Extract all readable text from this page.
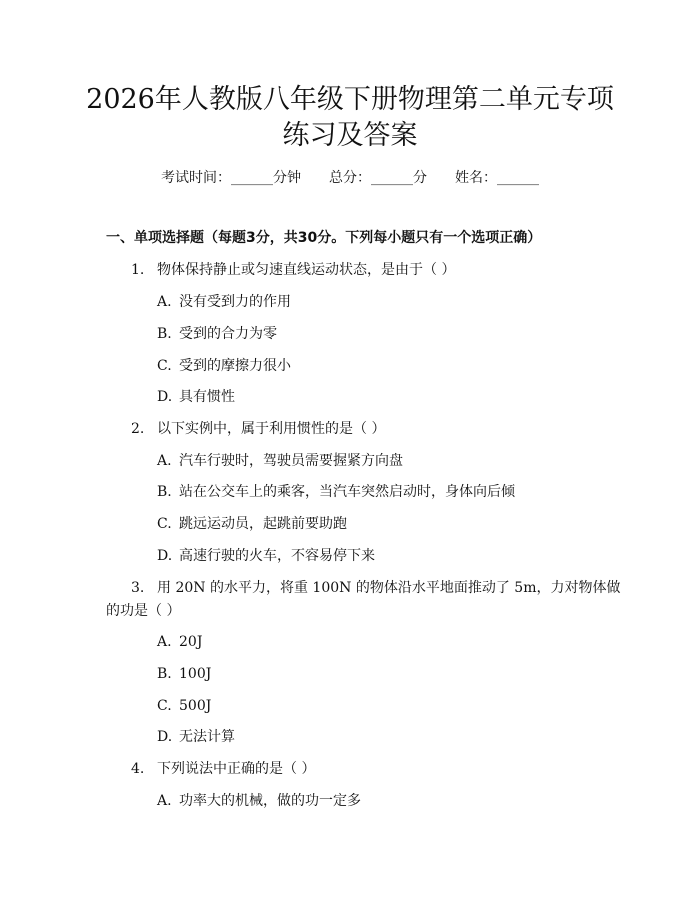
2026年人教版八年级下册物理第二单元专项
练习及答案
考试时间：______分钟 总分：______分 姓名：______
一、单项选择题（每题3分，共30分。下列每小题只有一个选项正确）
1. 物体保持静止或匀速直线运动状态，是由于（ ）
A. 没有受到力的作用
B. 受到的合力为零
C. 受到的摩擦力很小
D. 具有惯性
2. 以下实例中，属于利用惯性的是（ ）
A. 汽车行驶时，驾驶员需要握紧方向盘
B. 站在公交车上的乘客，当汽车突然启动时，身体向后倾
C. 跳远运动员，起跳前要助跑
D. 高速行驶的火车，不容易停下来
3. 用 20N 的水平力，将重 100N 的物体沿水平地面推动了 5m，力对物体做
的功是（ ）
A. 20J
B. 100J
C. 500J
D. 无法计算
4. 下列说法中正确的是（ ）
A. 功率大的机械，做的功一定多
